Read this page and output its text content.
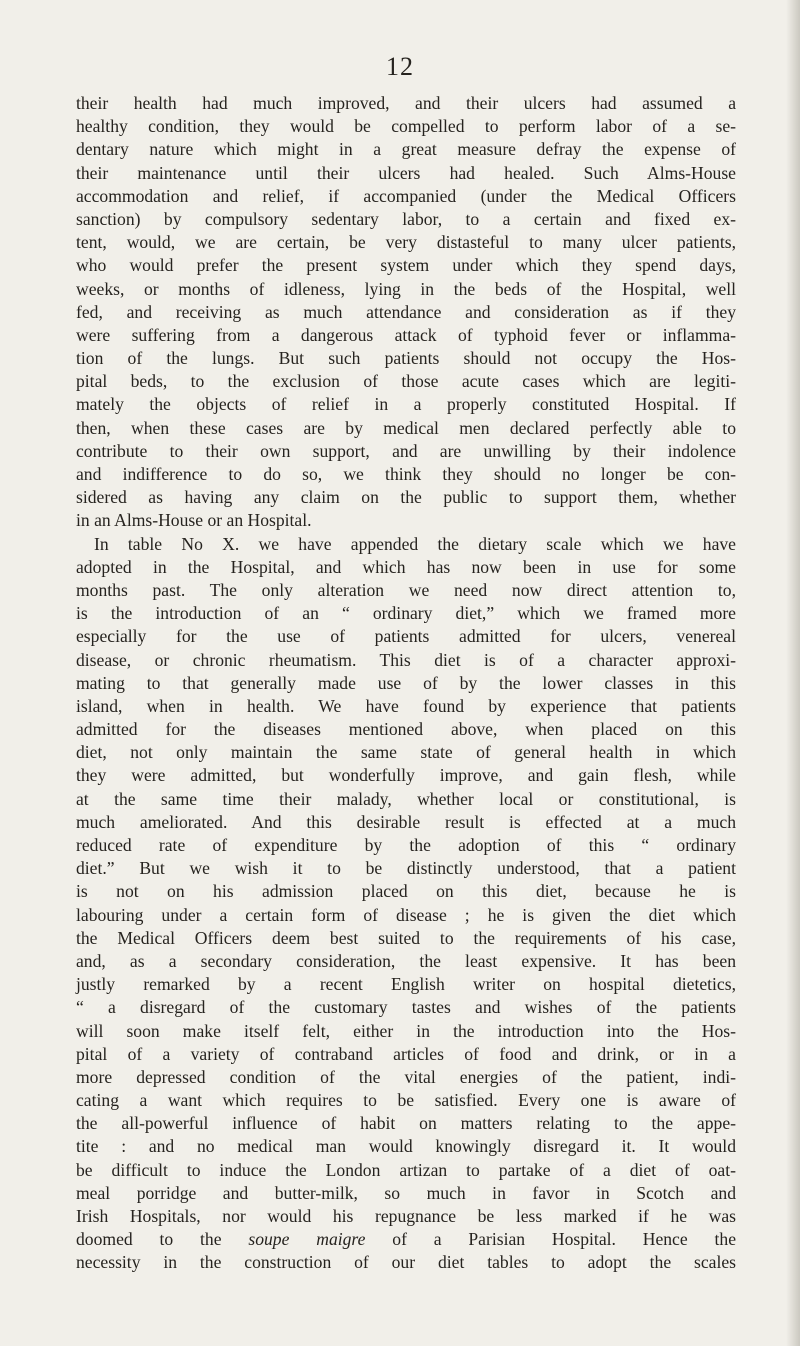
12
their health had much improved, and their ulcers had assumed a
healthy condition, they would be compelled to perform labor of a se-
dentary nature which might in a great measure defray the expense of
their maintenance until their ulcers had healed. Such Alms-House
accommodation and relief, if accompanied (under the Medical Officers
sanction) by compulsory sedentary labor, to a certain and fixed ex-
tent, would, we are certain, be very distasteful to many ulcer patients,
who would prefer the present system under which they spend days,
weeks, or months of idleness, lying in the beds of the Hospital, well
fed, and receiving as much attendance and consideration as if they
were suffering from a dangerous attack of typhoid fever or inflamma-
tion of the lungs. But such patients should not occupy the Hos-
pital beds, to the exclusion of those acute cases which are legiti-
mately the objects of relief in a properly constituted Hospital. If
then, when these cases are by medical men declared perfectly able to
contribute to their own support, and are unwilling by their indolence
and indifference to do so, we think they should no longer be con-
sidered as having any claim on the public to support them, whether
in an Alms-House or an Hospital.
In table No X. we have appended the dietary scale which we have
adopted in the Hospital, and which has now been in use for some
months past. The only alteration we need now direct attention to,
is the introduction of an “ ordinary diet,” which we framed more
especially for the use of patients admitted for ulcers, venereal
disease, or chronic rheumatism. This diet is of a character approxi-
mating to that generally made use of by the lower classes in this
island, when in health. We have found by experience that patients
admitted for the diseases mentioned above, when placed on this
diet, not only maintain the same state of general health in which
they were admitted, but wonderfully improve, and gain flesh, while
at the same time their malady, whether local or constitutional, is
much ameliorated. And this desirable result is effected at a much
reduced rate of expenditure by the adoption of this “ ordinary
diet.” But we wish it to be distinctly understood, that a patient
is not on his admission placed on this diet, because he is
labouring under a certain form of disease ; he is given the diet which
the Medical Officers deem best suited to the requirements of his case,
and, as a secondary consideration, the least expensive. It has been
justly remarked by a recent English writer on hospital dietetics,
“ a disregard of the customary tastes and wishes of the patients
will soon make itself felt, either in the introduction into the Hos-
pital of a variety of contraband articles of food and drink, or in a
more depressed condition of the vital energies of the patient, indi-
cating a want which requires to be satisfied. Every one is aware of
the all-powerful influence of habit on matters relating to the appe-
tite : and no medical man would knowingly disregard it. It would
be difficult to induce the London artizan to partake of a diet of oat-
meal porridge and butter-milk, so much in favor in Scotch and
Irish Hospitals, nor would his repugnance be less marked if he was
doomed to the soupe maigre of a Parisian Hospital. Hence the
necessity in the construction of our diet tables to adopt the scales
